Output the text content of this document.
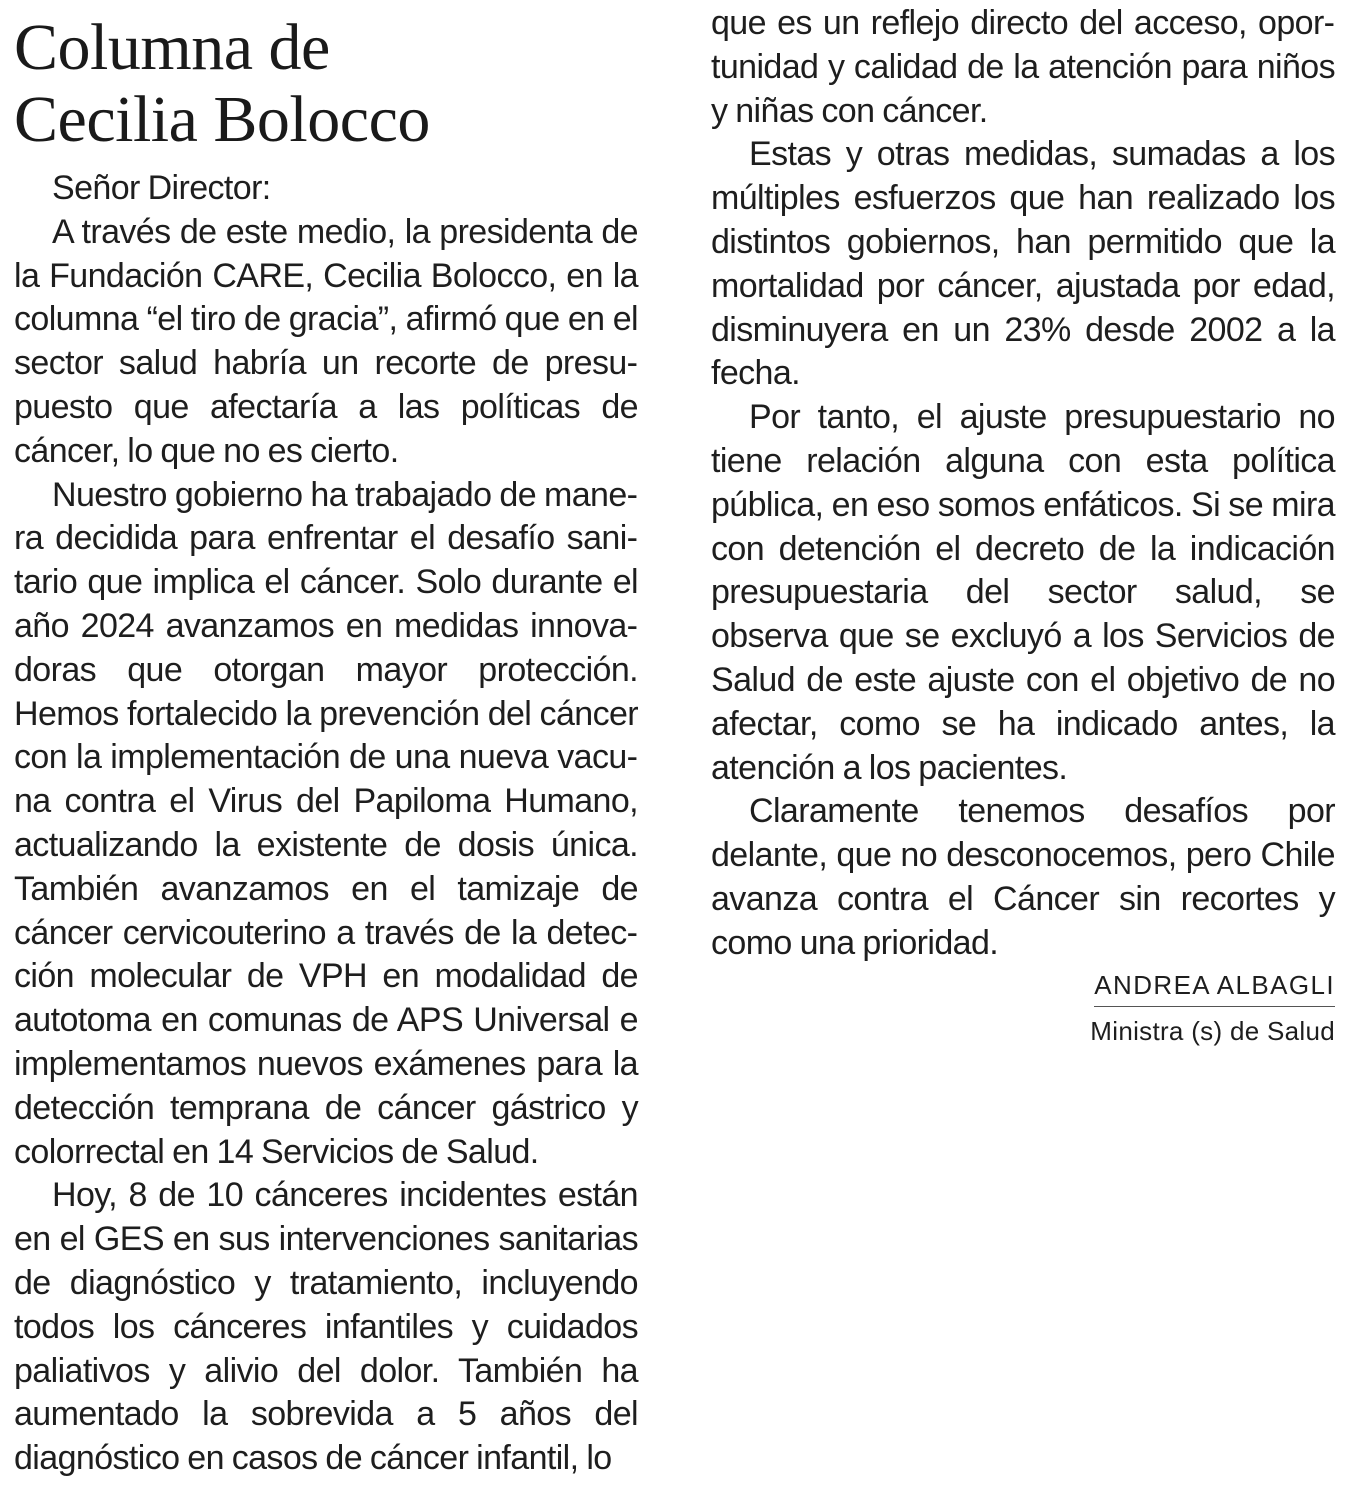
Columna de
Cecilia Bolocco

Señor Director:

A través de este medio, la presidenta de la Fundación CARE, Cecilia Bolocco, en la columna “el tiro de gracia”, afirmó que en el sector salud habría un recorte de presupuesto que afectaría a las políticas de cáncer, lo que no es cierto.

Nuestro gobierno ha trabajado de manera decidida para enfrentar el desafío sanitario que implica el cáncer. Solo durante el año 2024 avanzamos en medidas innovadoras que otorgan mayor protección. Hemos fortalecido la prevención del cáncer con la implementación de una nueva vacuna contra el Virus del Papiloma Humano, actualizando la existente de dosis única. También avanzamos en el tamizaje de cáncer cervicouterino a través de la detección molecular de VPH en modalidad de autotoma en comunas de APS Universal e implementamos nuevos exámenes para la detección temprana de cáncer gástrico y colorrectal en 14 Servicios de Salud.

Hoy, 8 de 10 cánceres incidentes están en el GES en sus intervenciones sanitarias de diagnóstico y tratamiento, incluyendo todos los cánceres infantiles y cuidados paliativos y alivio del dolor. También ha aumentado la sobrevida a 5 años del diagnóstico en casos de cáncer infantil, lo

que es un reflejo directo del acceso, oportunidad y calidad de la atención para niños y niñas con cáncer.

Estas y otras medidas, sumadas a los múltiples esfuerzos que han realizado los distintos gobiernos, han permitido que la mortalidad por cáncer, ajustada por edad, disminuyera en un 23% desde 2002 a la fecha.

Por tanto, el ajuste presupuestario no tiene relación alguna con esta política pública, en eso somos enfáticos. Si se mira con detención el decreto de la indicación presupuestaria del sector salud, se observa que se excluyó a los Servicios de Salud de este ajuste con el objetivo de no afectar, como se ha indicado antes, la atención a los pacientes.

Claramente tenemos desafíos por delante, que no desconocemos, pero Chile avanza contra el Cáncer sin recortes y como una prioridad.

ANDREA ALBAGLI
Ministra (s) de Salud
